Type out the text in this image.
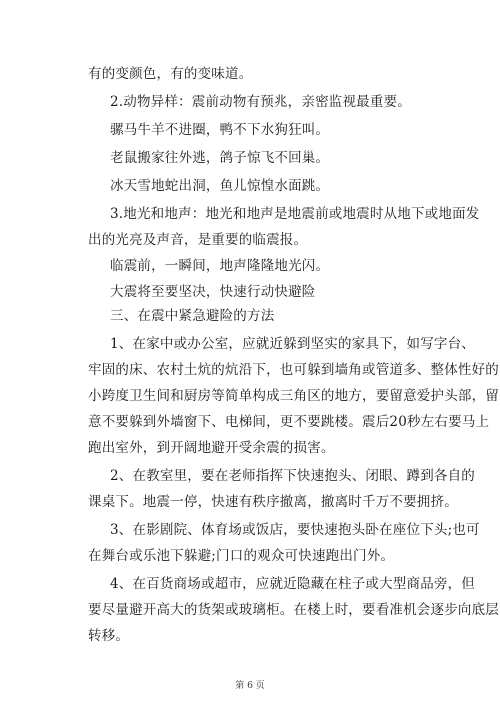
有的变颜色，有的变味道。
2.动物异样：震前动物有预兆，亲密监视最重要。
骡马牛羊不进圈，鸭不下水狗狂叫。
老鼠搬家往外逃，鸽子惊飞不回巢。
冰天雪地蛇出洞，鱼儿惊惶水面跳。
3.地光和地声：地光和地声是地震前或地震时从地下或地面发
出的光亮及声音，是重要的临震报。
临震前，一瞬间，地声隆隆地光闪。
大震将至要坚决，快速行动快避险
三、在震中紧急避险的方法
1、在家中或办公室，应就近躲到坚实的家具下，如写字台、
牢固的床、农村土炕的炕沿下，也可躲到墙角或管道多、整体性好的
小跨度卫生间和厨房等简单构成三角区的地方，要留意爱护头部，留
意不要躲到外墙窗下、电梯间，更不要跳楼。震后20秒左右要马上
跑出室外，到开阔地避开受余震的损害。
2、在教室里，要在老师指挥下快速抱头、闭眼、蹲到各自的
课桌下。地震一停，快速有秩序撤离，撤离时千万不要拥挤。
3、在影剧院、体育场或饭店，要快速抱头卧在座位下头;也可
在舞台或乐池下躲避;门口的观众可快速跑出门外。
4、在百货商场或超市，应就近隐藏在柱子或大型商品旁，但
要尽量避开高大的货架或玻璃柜。在楼上时，要看准机会逐步向底层
转移。
第 6 页
